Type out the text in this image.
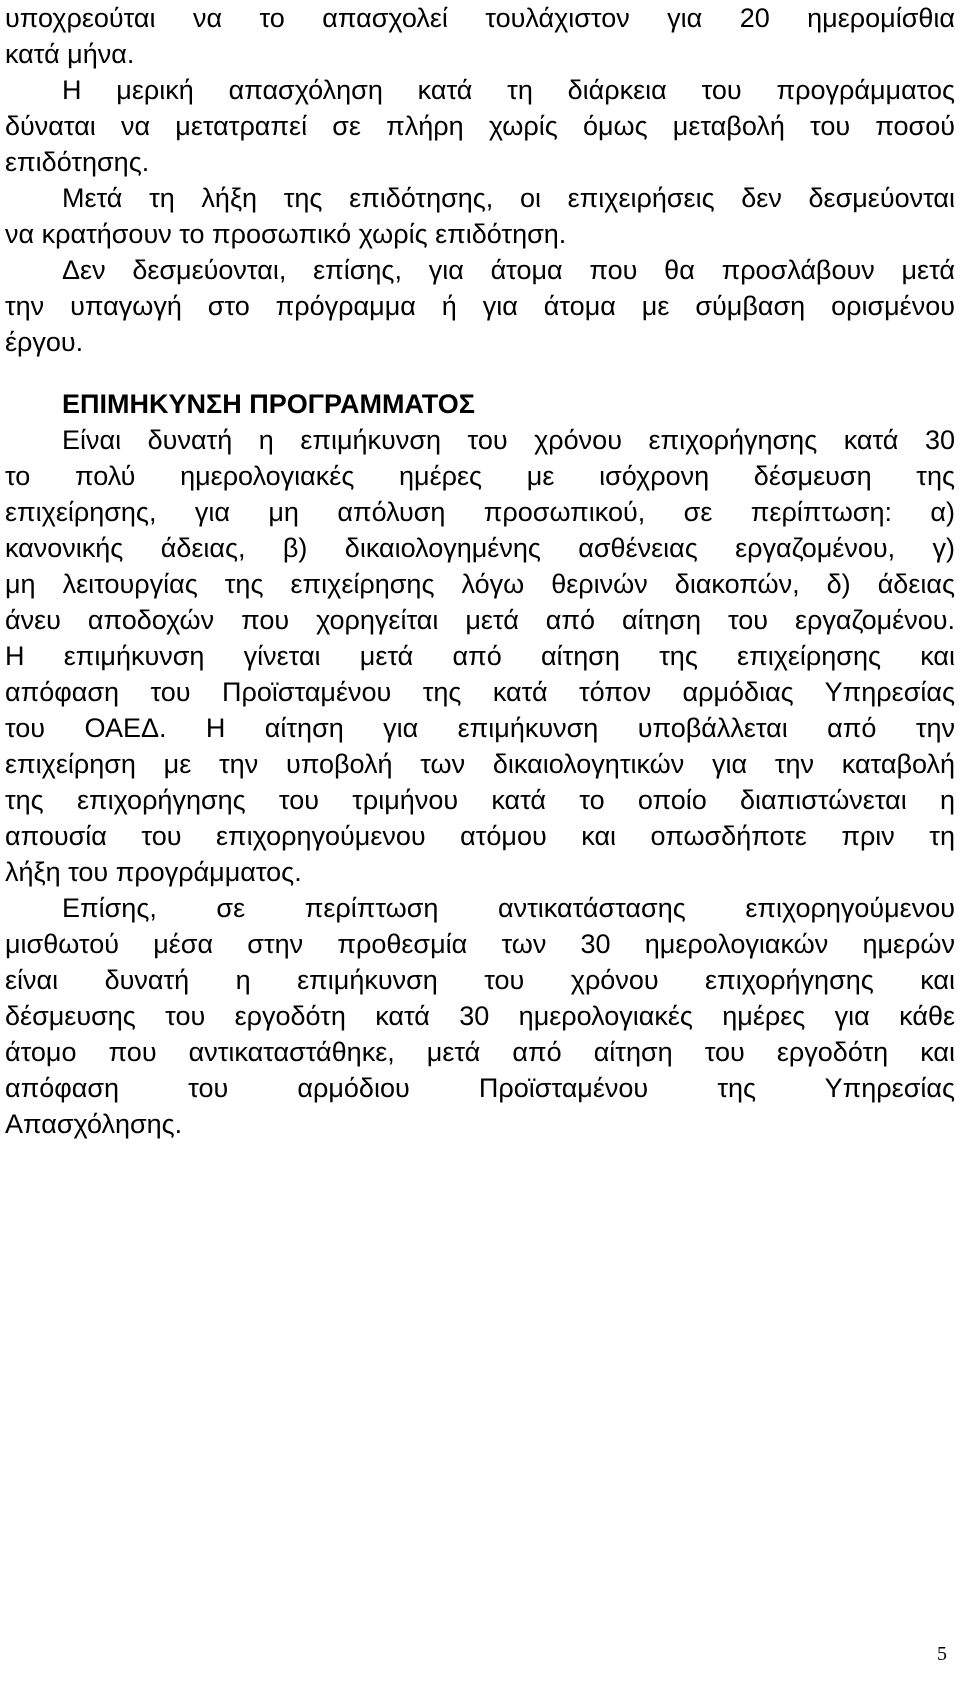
υποχρεούται να το απασχολεί τουλάχιστον για 20 ημερομίσθια
κατά μήνα.
Η μερική απασχόληση κατά τη διάρκεια του προγράμματος
δύναται να μετατραπεί σε πλήρη χωρίς όμως μεταβολή του ποσού
επιδότησης.
Μετά τη λήξη της επιδότησης, οι επιχειρήσεις δεν δεσμεύονται
να κρατήσουν το προσωπικό χωρίς επιδότηση.
Δεν δεσμεύονται, επίσης, για άτομα που θα προσλάβουν μετά
την υπαγωγή στο πρόγραμμα ή για άτομα με σύμβαση ορισμένου
έργου.
ΕΠΙΜΗΚΥΝΣΗ ΠΡΟΓΡΑΜΜΑΤΟΣ
Είναι δυνατή η επιμήκυνση του χρόνου επιχορήγησης κατά 30
το πολύ ημερολογιακές ημέρες με ισόχρονη δέσμευση της
επιχείρησης, για μη απόλυση προσωπικού, σε περίπτωση: α)
κανονικής άδειας, β) δικαιολογημένης ασθένειας εργαζομένου, γ)
μη λειτουργίας της επιχείρησης λόγω θερινών διακοπών, δ) άδειας
άνευ αποδοχών που χορηγείται μετά από αίτηση του εργαζομένου.
Η επιμήκυνση γίνεται μετά από αίτηση της επιχείρησης και
απόφαση του Προϊσταμένου της κατά τόπον αρμόδιας Υπηρεσίας
του ΟΑΕΔ. Η αίτηση για επιμήκυνση υποβάλλεται από την
επιχείρηση με την υποβολή των δικαιολογητικών για την καταβολή
της επιχορήγησης του τριμήνου κατά το οποίο διαπιστώνεται η
απουσία του επιχορηγούμενου ατόμου και οπωσδήποτε πριν τη
λήξη του προγράμματος.
Επίσης, σε περίπτωση αντικατάστασης επιχορηγούμενου
μισθωτού μέσα στην προθεσμία των 30 ημερολογιακών ημερών
είναι δυνατή η επιμήκυνση του χρόνου επιχορήγησης και
δέσμευσης του εργοδότη κατά 30 ημερολογιακές ημέρες για κάθε
άτομο που αντικαταστάθηκε, μετά από αίτηση του εργοδότη και
απόφαση του αρμόδιου Προϊσταμένου της Υπηρεσίας
Απασχόλησης.
5
